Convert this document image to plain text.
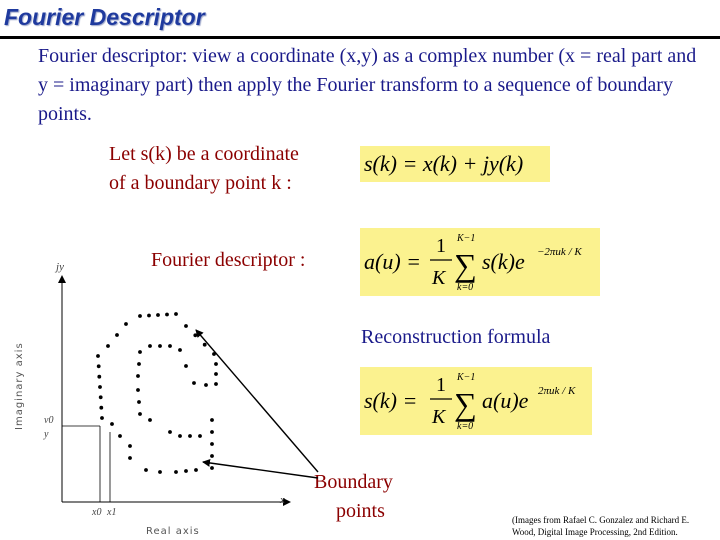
Fourier Descriptor
Fourier descriptor: view a coordinate (x,y) as a complex number (x = real part and y = imaginary part) then apply the Fourier transform to a sequence of boundary points.
Let s(k) be a coordinate
of a boundary point k :
s(k) = x(k) + jy(k)
Fourier descriptor :	a(u) =
1
K
K−1
∑
k=0
s(k)e −2πuk / K
Reconstruction formula
s(k) =
1
K
K−1
∑
k=0
a(u)e 2πuk / K
Boundary
points	(Images from Rafael C. Gonzalez and Richard E.
Wood, Digital Image Processing, 2nd Edition.
jy
x
Imaginary axis
Real axis
v0
y
x0 x1
